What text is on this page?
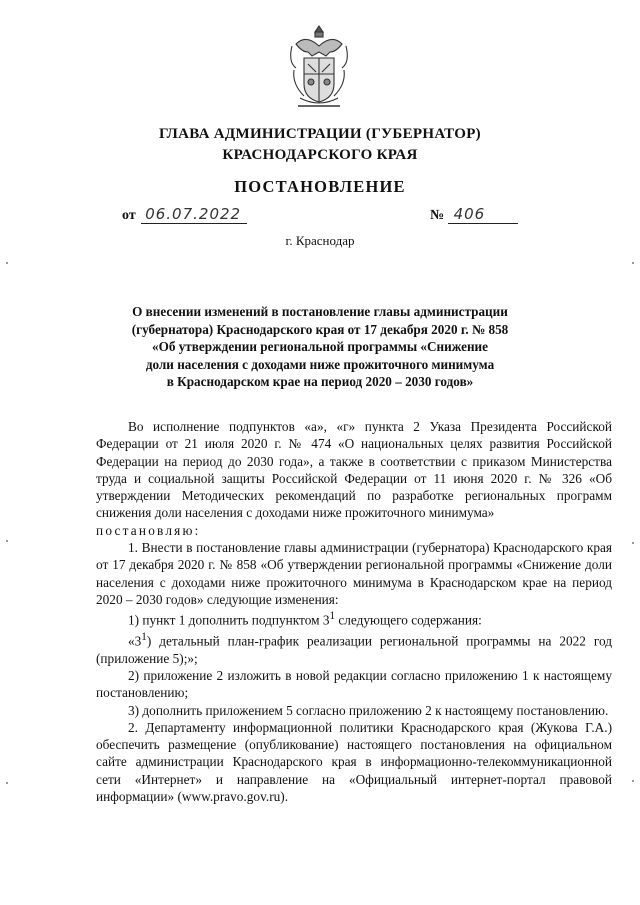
ГЛАВА АДМИНИСТРАЦИИ (ГУБЕРНАТОР)
КРАСНОДАРСКОГО КРАЯ
ПОСТАНОВЛЕНИЕ
от 06.07.2022	№ 406
г. Краснодар
О внесении изменений в постановление главы администрации
(губернатора) Краснодарского края от 17 декабря 2020 г. № 858
«Об утверждении региональной программы «Снижение
доли населения с доходами ниже прожиточного минимума
в Краснодарском крае на период 2020 – 2030 годов»

Во исполнение подпунктов «а», «г» пункта 2 Указа Президента Российской Федерации от 21 июля 2020 г. № 474 «О национальных целях развития Российской Федерации на период до 2030 года», а также в соответствии с приказом Министерства труда и социальной защиты Российской Федерации от 11 июня 2020 г. № 326 «Об утверждении Методических рекомендаций по разработке региональных программ снижения доли населения с доходами ниже прожиточного минимума»

постановляю:

1. Внести в постановление главы администрации (губернатора) Краснодарского края от 17 декабря 2020 г. № 858 «Об утверждении региональной программы «Снижение доли населения с доходами ниже прожиточного минимума в Краснодарском крае на период 2020 – 2030 годов» следующие изменения:

1) пункт 1 дополнить подпунктом $3^1$ следующего содержания:

«$3^1$) детальный план-график реализации региональной программы на 2022 год (приложение 5);»;

2) приложение 2 изложить в новой редакции согласно приложению 1 к настоящему постановлению;

3) дополнить приложением 5 согласно приложению 2 к настоящему постановлению.

2. Департаменту информационной политики Краснодарского края (Жукова Г.А.) обеспечить размещение (опубликование) настоящего постановления на официальном сайте администрации Краснодарского края в информационно-телекоммуникационной сети «Интернет» и направление на «Официальный интернет-портал правовой информации» (www.pravo.gov.ru).
